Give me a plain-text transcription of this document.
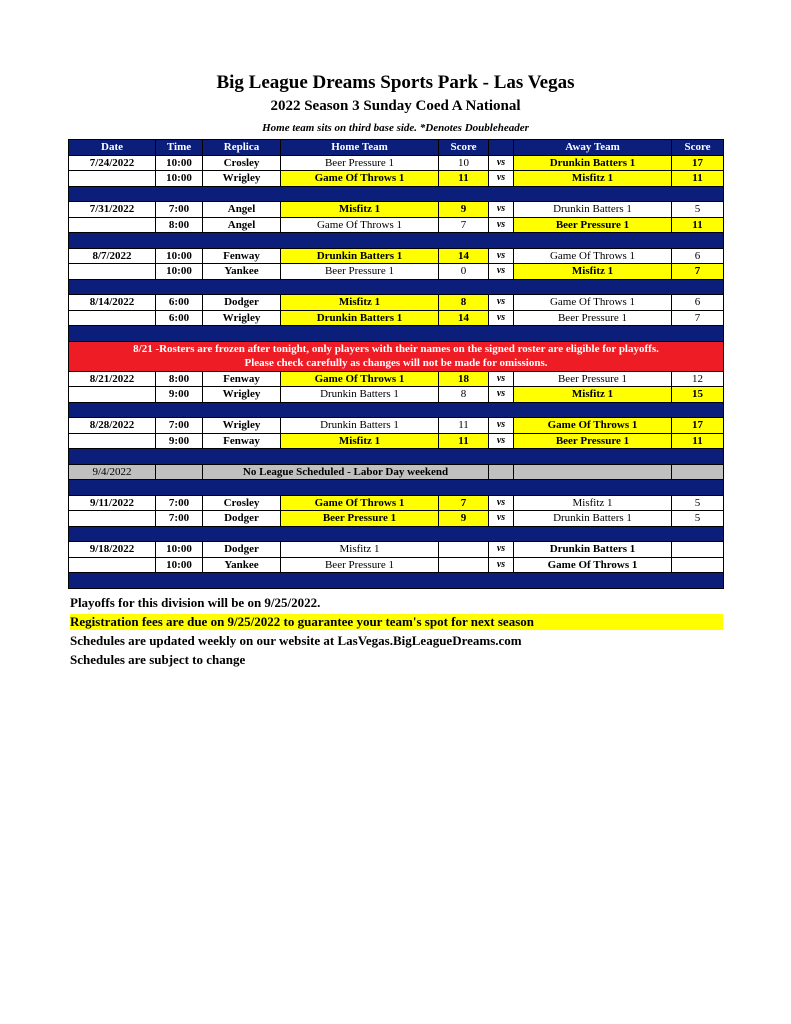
Big League Dreams Sports Park - Las Vegas
2022 Season 3 Sunday Coed A National
Home team sits on third base side. *Denotes Doubleheader
Date	Time	Replica	Home Team	Score		Away Team	Score
7/24/2022	10:00	Crosley	Beer Pressure 1	10	vs	Drunkin Batters 1	17
	10:00	Wrigley	Game Of Throws 1	11	vs	Misfitz 1	11

7/31/2022	7:00	Angel	Misfitz 1	9	vs	Drunkin Batters 1	5
	8:00	Angel	Game Of Throws 1	7	vs	Beer Pressure 1	11

8/7/2022	10:00	Fenway	Drunkin Batters 1	14	vs	Game Of Throws 1	6
	10:00	Yankee	Beer Pressure 1	0	vs	Misfitz 1	7

8/14/2022	6:00	Dodger	Misfitz 1	8	vs	Game Of Throws 1	6
	6:00	Wrigley	Drunkin Batters 1	14	vs	Beer Pressure 1	7

8/21 -Rosters are frozen after tonight, only players with their names on the signed roster are eligible for playoffs.
Please check carefully as changes will not be made for omissions.							
8/21/2022	8:00	Fenway	Game Of Throws 1	18	vs	Beer Pressure 1	12
	9:00	Wrigley	Drunkin Batters 1	8	vs	Misfitz 1	15

8/28/2022	7:00	Wrigley	Drunkin Batters 1	11	vs	Game Of Throws 1	17
	9:00	Fenway	Misfitz 1	11	vs	Beer Pressure 1	11

9/4/2022		No League Scheduled - Labor Day weekend					

9/11/2022	7:00	Crosley	Game Of Throws 1	7	vs	Misfitz 1	5
	7:00	Dodger	Beer Pressure 1	9	vs	Drunkin Batters 1	5

9/18/2022	10:00	Dodger	Misfitz 1		vs	Drunkin Batters 1	
	10:00	Yankee	Beer Pressure 1		vs	Game Of Throws 1	

Playoffs for this division will be on 9/25/2022.
Registration fees are due on 9/25/2022 to guarantee your team's spot for next season
Schedules are updated weekly on our website at LasVegas.BigLeagueDreams.com
Schedules are subject to change
